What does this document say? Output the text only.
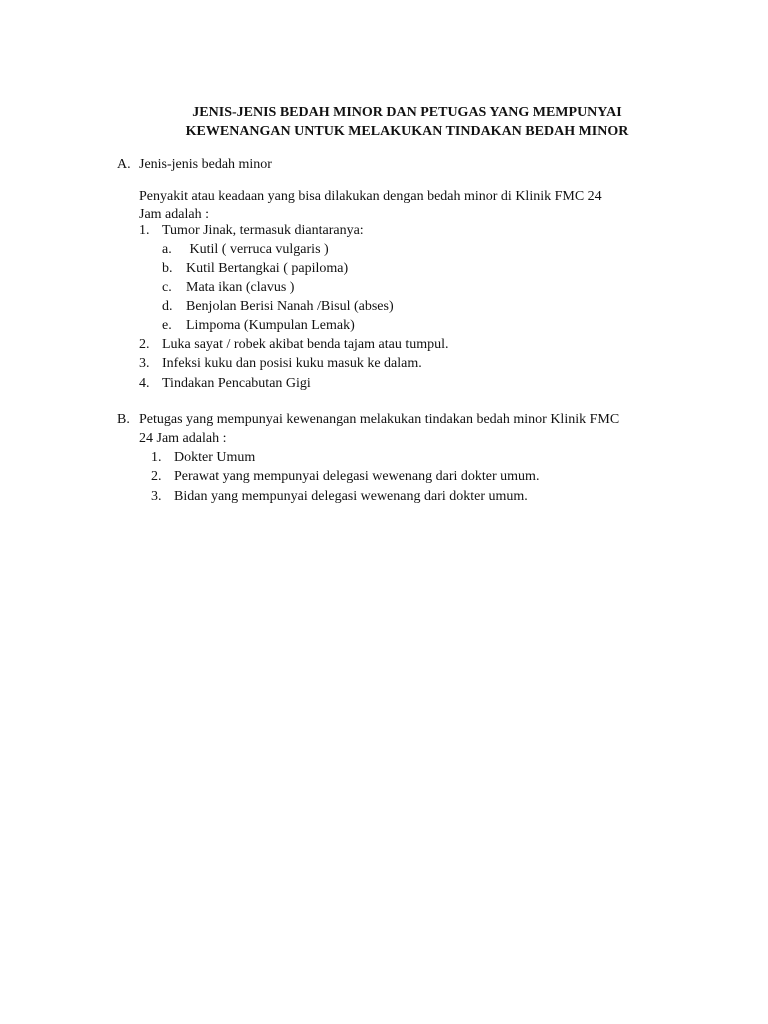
JENIS-JENIS BEDAH MINOR DAN PETUGAS YANG MEMPUNYAI
KEWENANGAN UNTUK MELAKUKAN TINDAKAN BEDAH MINOR
A. Jenis-jenis bedah minor
Penyakit atau keadaan yang bisa dilakukan dengan bedah minor di Klinik FMC 24
Jam adalah :
1. Tumor Jinak, termasuk diantaranya:
a. Kutil ( verruca vulgaris )
b. Kutil Bertangkai ( papiloma)
c. Mata ikan (clavus )
d. Benjolan Berisi Nanah /Bisul (abses)
e. Limpoma (Kumpulan Lemak)
2. Luka sayat / robek akibat benda tajam atau tumpul.
3. Infeksi kuku dan posisi kuku masuk ke dalam.
4. Tindakan Pencabutan Gigi
B. Petugas yang mempunyai kewenangan melakukan tindakan bedah minor Klinik FMC
24 Jam adalah :
1. Dokter Umum
2. Perawat yang mempunyai delegasi wewenang dari dokter umum.
3. Bidan yang mempunyai delegasi wewenang dari dokter umum.
